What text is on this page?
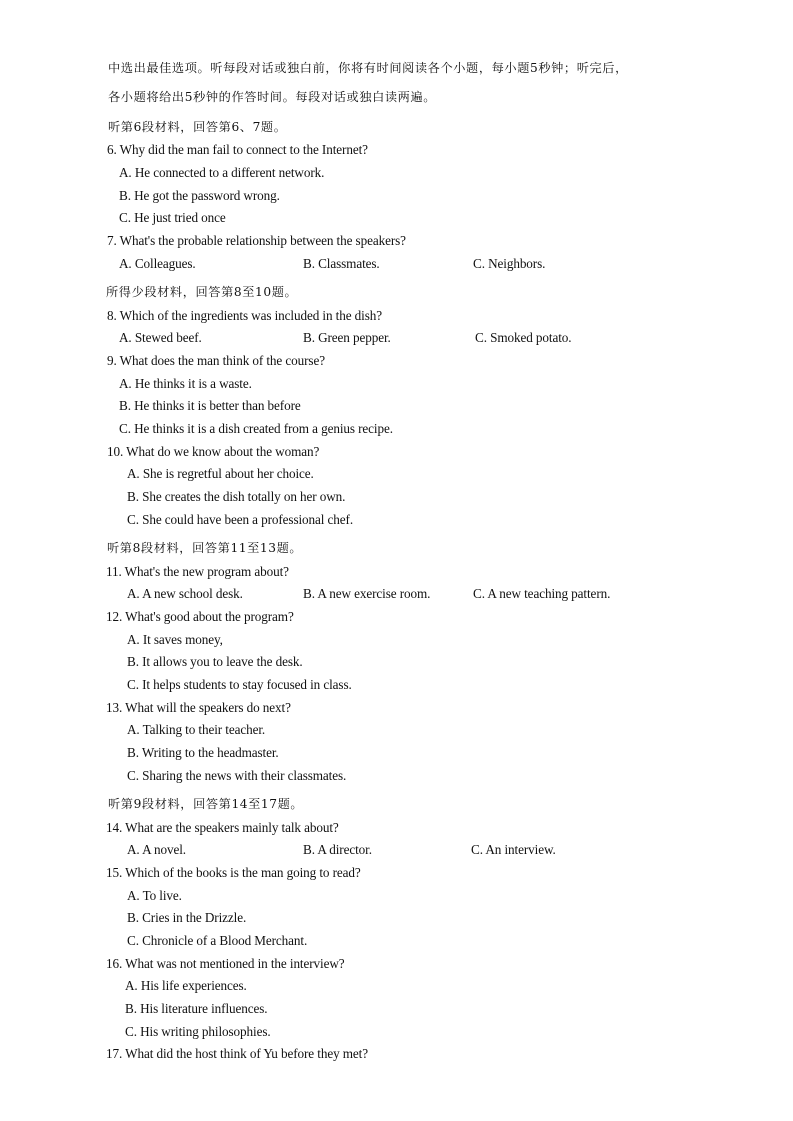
中选出最佳选项。听每段对话或独白前，你将有时间阅读各个小题，每小题5秒钟；听完后，
各小题将给出5秒钟的作答时间。每段对话或独白读两遍。
听第6段材料，回答第6、7题。
6. Why did the man fail to connect to the Internet?
A. He connected to a different network.
B. He got the password wrong.
C. He just tried once
7. What's the probable relationship between the speakers?
A. Colleagues.	B. Classmates.	C. Neighbors.
所得少段材料，回答第8至10题。
8. Which of the ingredients was included in the dish?
A. Stewed beef.	B. Green pepper.	C. Smoked potato.
9. What does the man think of the course?
A. He thinks it is a waste.
B. He thinks it is better than before
C. He thinks it is a dish created from a genius recipe.
10. What do we know about the woman?
A. She is regretful about her choice.
B. She creates the dish totally on her own.
C. She could have been a professional chef.
听第8段材料，回答第11至13题。
11. What's the new program about?
A. A new school desk.	B. A new exercise room.	C. A new teaching pattern.
12. What's good about the program?
A. It saves money,
B. It allows you to leave the desk.
C. It helps students to stay focused in class.
13. What will the speakers do next?
A. Talking to their teacher.
B. Writing to the headmaster.
C. Sharing the news with their classmates.
听第9段材料，回答第14至17题。
14. What are the speakers mainly talk about?
A. A novel.	B. A director.	C. An interview.
15. Which of the books is the man going to read?
A. To live.
B. Cries in the Drizzle.
C. Chronicle of a Blood Merchant.
16. What was not mentioned in the interview?
A. His life experiences.
B. His literature influences.
C. His writing philosophies.
17. What did the host think of Yu before they met?
